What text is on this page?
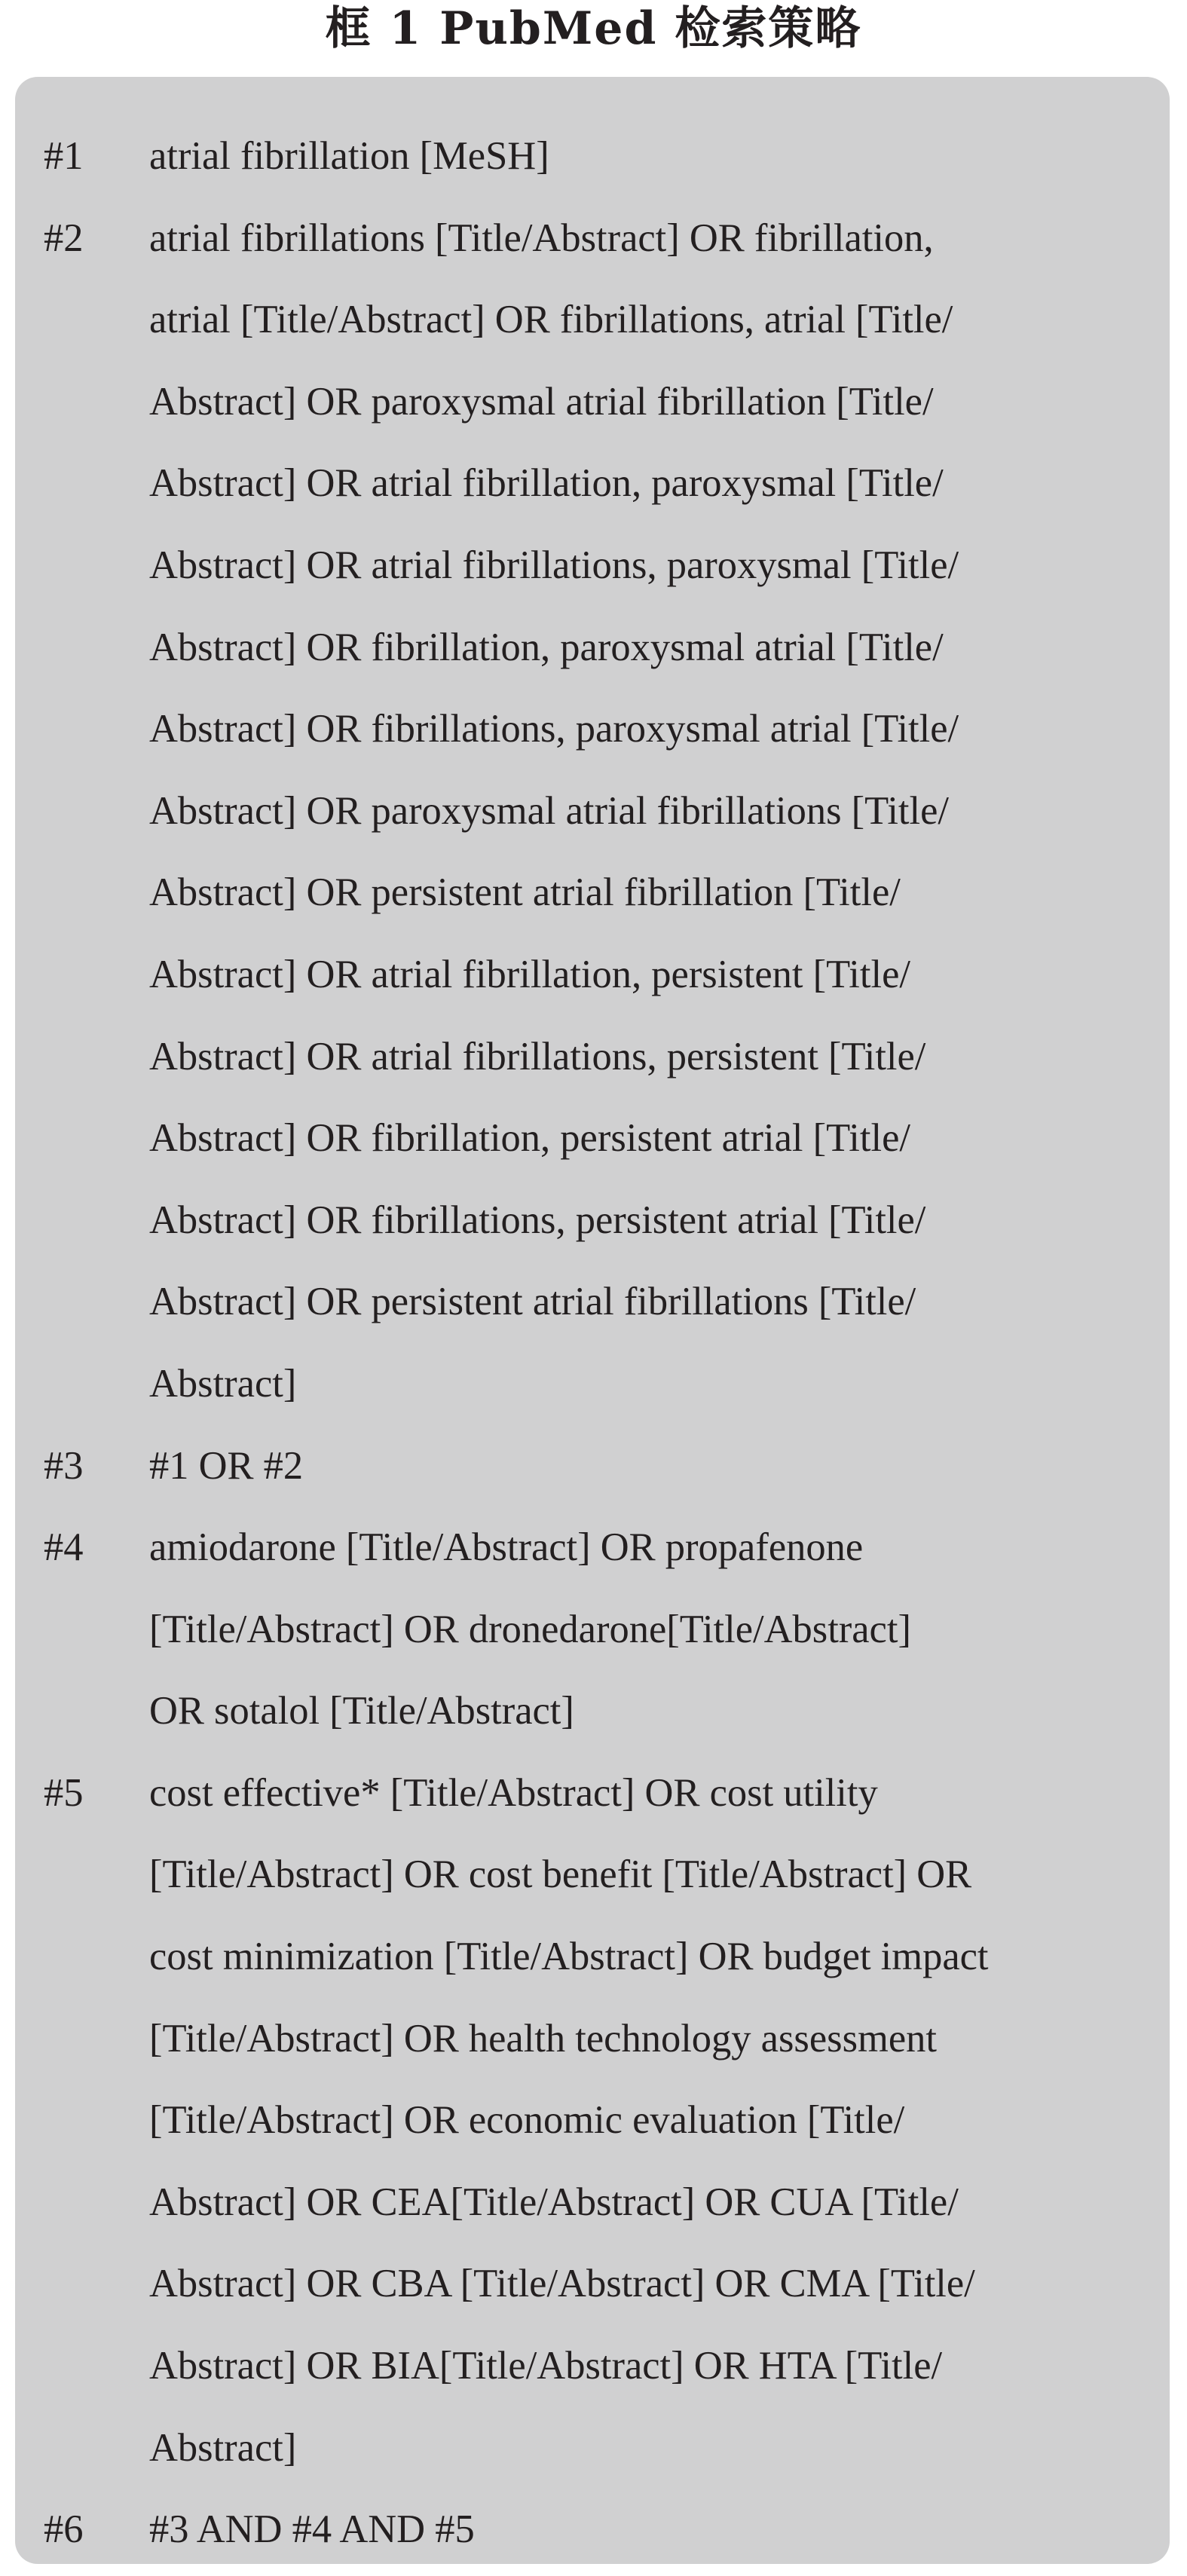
框 1 PubMed 检索策略
#1	atrial fibrillation [MeSH]
#2	atrial fibrillations [Title/Abstract] OR fibrillation,
atrial [Title/Abstract] OR fibrillations, atrial [Title/
Abstract] OR paroxysmal atrial fibrillation [Title/
Abstract] OR atrial fibrillation, paroxysmal [Title/
Abstract] OR atrial fibrillations, paroxysmal [Title/
Abstract] OR fibrillation, paroxysmal atrial [Title/
Abstract] OR fibrillations, paroxysmal atrial [Title/
Abstract] OR paroxysmal atrial fibrillations [Title/
Abstract] OR persistent atrial fibrillation [Title/
Abstract] OR atrial fibrillation, persistent [Title/
Abstract] OR atrial fibrillations, persistent [Title/
Abstract] OR fibrillation, persistent atrial [Title/
Abstract] OR fibrillations, persistent atrial [Title/
Abstract] OR persistent atrial fibrillations [Title/
Abstract]
#3	#1 OR #2
#4	amiodarone [Title/Abstract] OR propafenone
[Title/Abstract] OR dronedarone[Title/Abstract]
OR sotalol [Title/Abstract]
#5	cost effective* [Title/Abstract] OR cost utility
[Title/Abstract] OR cost benefit [Title/Abstract] OR
cost minimization [Title/Abstract] OR budget impact
[Title/Abstract] OR health technology assessment
[Title/Abstract] OR economic evaluation [Title/
Abstract] OR CEA[Title/Abstract] OR CUA [Title/
Abstract] OR CBA [Title/Abstract] OR CMA [Title/
Abstract] OR BIA[Title/Abstract] OR HTA [Title/
Abstract]
#6	#3 AND #4 AND #5
